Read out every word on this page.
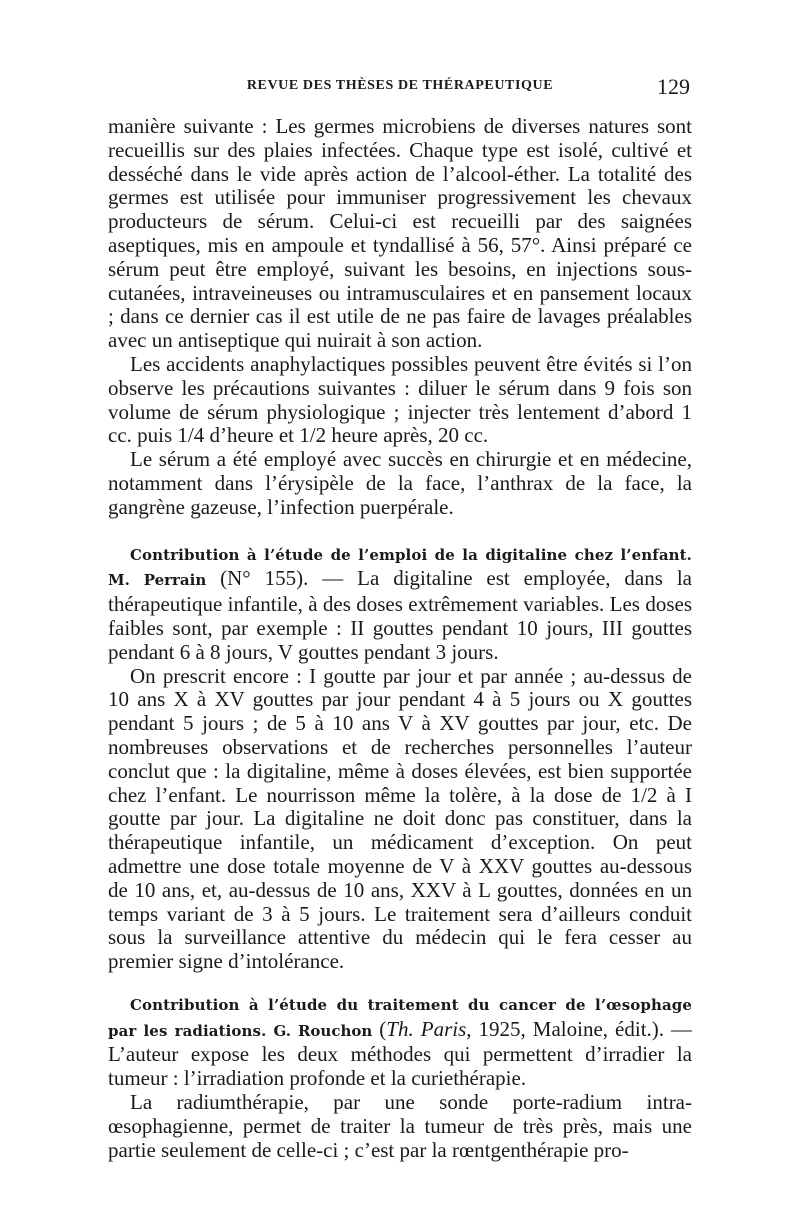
REVUE DES THÈSES DE THÉRAPEUTIQUE	129

manière suivante : Les germes microbiens de diverses natures sont recueillis sur des plaies infectées. Chaque type est isolé, cultivé et desséché dans le vide après action de l’alcool-éther. La totalité des germes est utilisée pour immuniser progressivement les chevaux producteurs de sérum. Celui-ci est recueilli par des saignées aseptiques, mis en ampoule et tyndallisé à 56, 57°. Ainsi préparé ce sérum peut être employé, suivant les besoins, en injections sous-cutanées, intraveineuses ou intramusculaires et en pansement locaux ; dans ce dernier cas il est utile de ne pas faire de lavages préalables avec un antiseptique qui nuirait à son action.

Les accidents anaphylactiques possibles peuvent être évités si l’on observe les précautions suivantes : diluer le sérum dans 9 fois son volume de sérum physiologique ; injecter très lentement d’abord 1 cc. puis 1/4 d’heure et 1/2 heure après, 20 cc.

Le sérum a été employé avec succès en chirurgie et en médecine, notamment dans l’érysipèle de la face, l’anthrax de la face, la gangrène gazeuse, l’infection puerpérale.

Contribution à l’étude de l’emploi de la digitaline chez l’enfant. M. Perrain (N° 155). — La digitaline est employée, dans la thérapeutique infantile, à des doses extrêmement variables. Les doses faibles sont, par exemple : II gouttes pendant 10 jours, III gouttes pendant 6 à 8 jours, V gouttes pendant 3 jours.

On prescrit encore : I goutte par jour et par année ; au-dessus de 10 ans X à XV gouttes par jour pendant 4 à 5 jours ou X gouttes pendant 5 jours ; de 5 à 10 ans V à XV gouttes par jour, etc. De nombreuses observations et de recherches personnelles l’auteur conclut que : la digitaline, même à doses élevées, est bien supportée chez l’enfant. Le nourrisson même la tolère, à la dose de 1/2 à I goutte par jour. La digitaline ne doit donc pas constituer, dans la thérapeutique infantile, un médicament d’exception. On peut admettre une dose totale moyenne de V à XXV gouttes au-dessous de 10 ans, et, au-dessus de 10 ans, XXV à L gouttes, données en un temps variant de 3 à 5 jours. Le traitement sera d’ailleurs conduit sous la surveillance attentive du médecin qui le fera cesser au premier signe d’intolérance.

Contribution à l’étude du traitement du cancer de l’œsophage par les radiations. G. Rouchon (Th. Paris, 1925, Maloine, édit.). — L’auteur expose les deux méthodes qui permettent d’irradier la tumeur : l’irradiation profonde et la curiethérapie.

La radiumthérapie, par une sonde porte-radium intra-œsophagienne, permet de traiter la tumeur de très près, mais une partie seulement de celle-ci ; c’est par la rœntgenthérapie pro-
